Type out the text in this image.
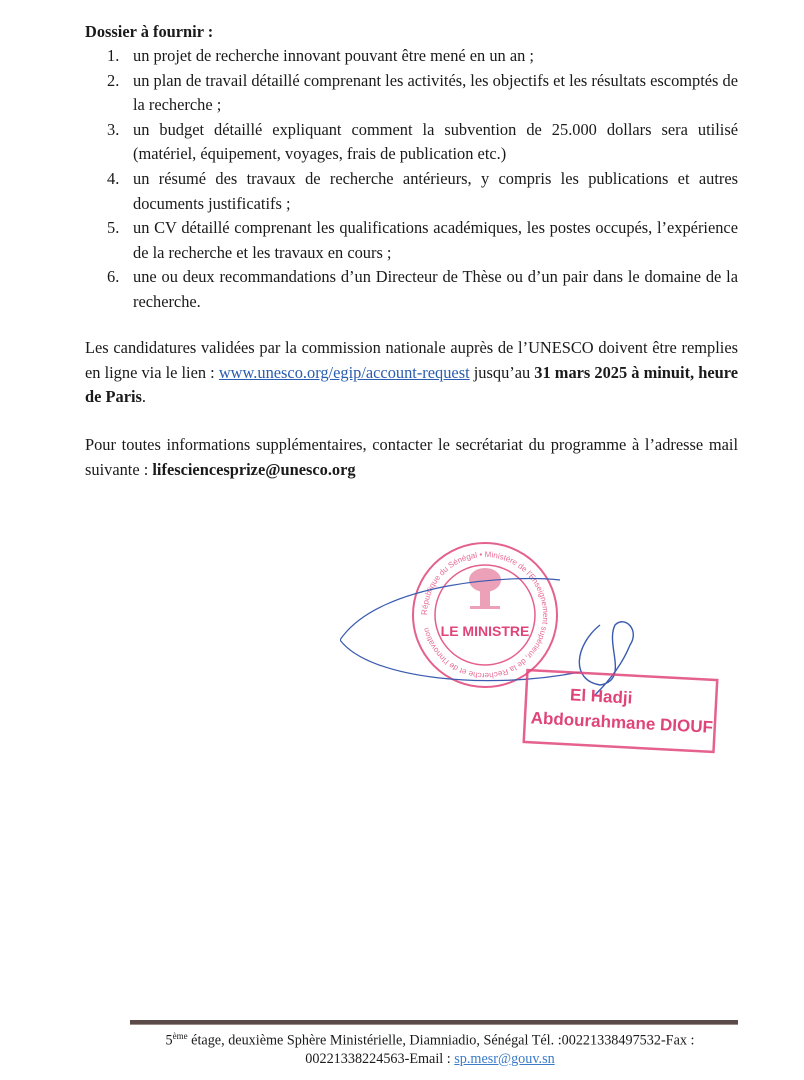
Dossier à fournir :
1. un projet de recherche innovant pouvant être mené en un an ;
2. un plan de travail détaillé comprenant les activités, les objectifs et les résultats escomptés de la recherche ;
3. un budget détaillé expliquant comment la subvention de 25.000 dollars sera utilisé (matériel, équipement, voyages, frais de publication etc.)
4. un résumé des travaux de recherche antérieurs, y compris les publications et autres documents justificatifs ;
5. un CV détaillé comprenant les qualifications académiques, les postes occupés, l’expérience de la recherche et les travaux en cours ;
6. une ou deux recommandations d’un Directeur de Thèse ou d’un pair dans le domaine de la recherche.
Les candidatures validées par la commission nationale auprès de l’UNESCO doivent être remplies en ligne via le lien : www.unesco.org/egip/account-request jusqu’au 31 mars 2025 à minuit, heure de Paris.
Pour toutes informations supplémentaires, contacter le secrétariat du programme à l’adresse mail suivante : lifesciencesprize@unesco.org
République du Sénégal • Ministère de l'Enseignement supérieur, de la Recherche et de l'Innovation LE MINISTRE
El Hadji
Abdourahmane DIOUF
5ème étage, deuxième Sphère Ministérielle, Diamniadio, Sénégal Tél. :00221338497532-Fax :
00221338224563-Email : sp.mesr@gouv.sn
